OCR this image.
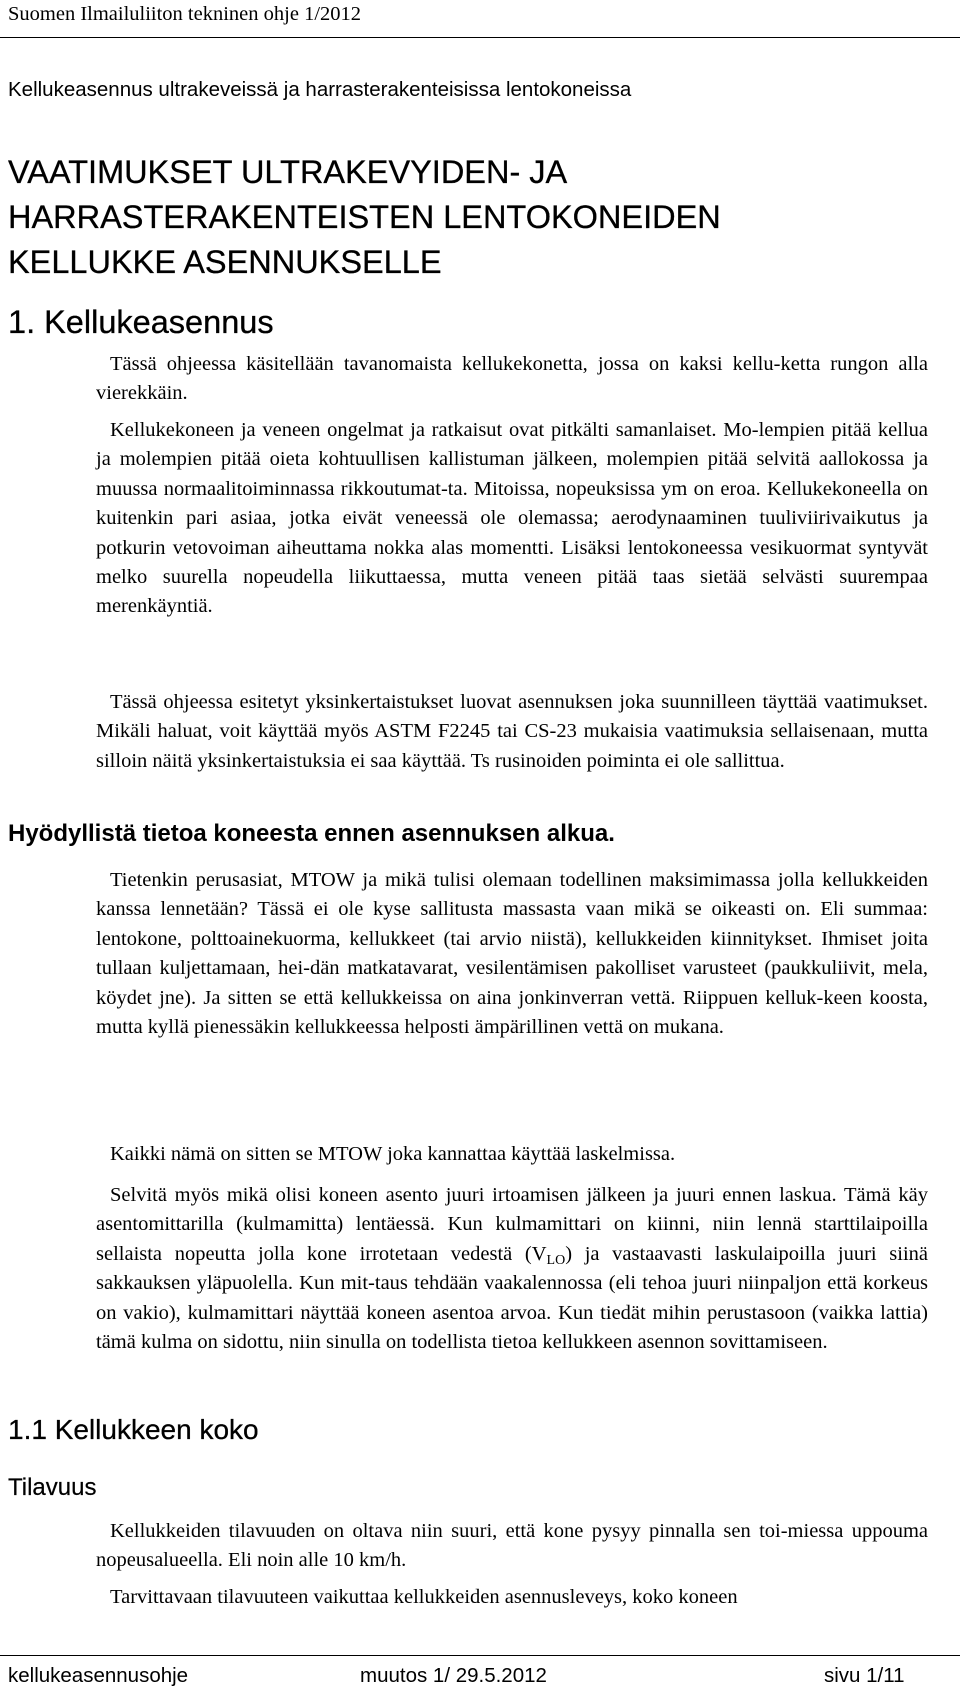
Suomen Ilmailuliiton tekninen ohje 1/2012
Kellukeasennus ultrakeveissä ja harrasterakenteisissa lentokoneissa
VAATIMUKSET ULTRAKEVYIDEN- JA
HARRASTERAKENTEISTEN LENTOKONEIDEN
KELLUKKE ASENNUKSELLE
1. Kellukeasennus

Tässä ohjeessa käsitellään tavanomaista kellukekonetta, jossa on kaksi kellu-ketta rungon alla vierekkäin.

Kellukekoneen ja veneen ongelmat ja ratkaisut ovat pitkälti samanlaiset. Mo-lempien pitää kellua ja molempien pitää oieta kohtuullisen kallistuman jälkeen, molempien pitää selvitä aallokossa ja muussa normaalitoiminnassa rikkoutumat-ta. Mitoissa, nopeuksissa ym on eroa. Kellukekoneella on kuitenkin pari asiaa, jotka eivät veneessä ole olemassa; aerodynaaminen tuuliviirivaikutus ja potkurin vetovoiman aiheuttama nokka alas momentti. Lisäksi lentokoneessa vesikuormat syntyvät melko suurella nopeudella liikuttaessa, mutta veneen pitää taas sietää selvästi suurempaa merenkäyntiä.

Tässä ohjeessa esitetyt yksinkertaistukset luovat asennuksen joka suunnilleen täyttää vaatimukset. Mikäli haluat, voit käyttää myös ASTM F2245 tai CS-23 mukaisia vaatimuksia sellaisenaan, mutta silloin näitä yksinkertaistuksia ei saa käyttää. Ts rusinoiden poiminta ei ole sallittua.

Hyödyllistä tietoa koneesta ennen asennuksen alkua.

Tietenkin perusasiat, MTOW ja mikä tulisi olemaan todellinen maksimimassa jolla kellukkeiden kanssa lennetään? Tässä ei ole kyse sallitusta massasta vaan mikä se oikeasti on. Eli summaa: lentokone, polttoainekuorma, kellukkeet (tai arvio niistä), kellukkeiden kiinnitykset. Ihmiset joita tullaan kuljettamaan, hei-dän matkatavarat, vesilentämisen pakolliset varusteet (paukkuliivit, mela, köydet jne). Ja sitten se että kellukkeissa on aina jonkinverran vettä. Riippuen kelluk-keen koosta, mutta kyllä pienessäkin kellukkeessa helposti ämpärillinen vettä on mukana.

Kaikki nämä on sitten se MTOW joka kannattaa käyttää laskelmissa.

Selvitä myös mikä olisi koneen asento juuri irtoamisen jälkeen ja juuri ennen laskua. Tämä käy asentomittarilla (kulmamitta) lentäessä. Kun kulmamittari on kiinni, niin lennä starttilaipoilla sellaista nopeutta jolla kone irrotetaan vedestä $(V_{LO})$ ja vastaavasti laskulaipoilla juuri siinä sakkauksen yläpuolella. Kun mit-taus tehdään vaakalennossa (eli tehoa juuri niinpaljon että korkeus on vakio), kulmamittari näyttää koneen asentoa arvoa. Kun tiedät mihin perustasoon (vaikka lattia) tämä kulma on sidottu, niin sinulla on todellista tietoa kellukkeen asennon sovittamiseen.

1.1 Kellukkeen koko
Tilavuus

Kellukkeiden tilavuuden on oltava niin suuri, että kone pysyy pinnalla sen toi-miessa uppouma nopeusalueella. Eli noin alle 10 km/h.

Tarvittavaan tilavuuteen vaikuttaa kellukkeiden asennusleveys, koko koneen

kellukeasennusohje	muutos 1/ 29.5.2012	sivu 1/11
